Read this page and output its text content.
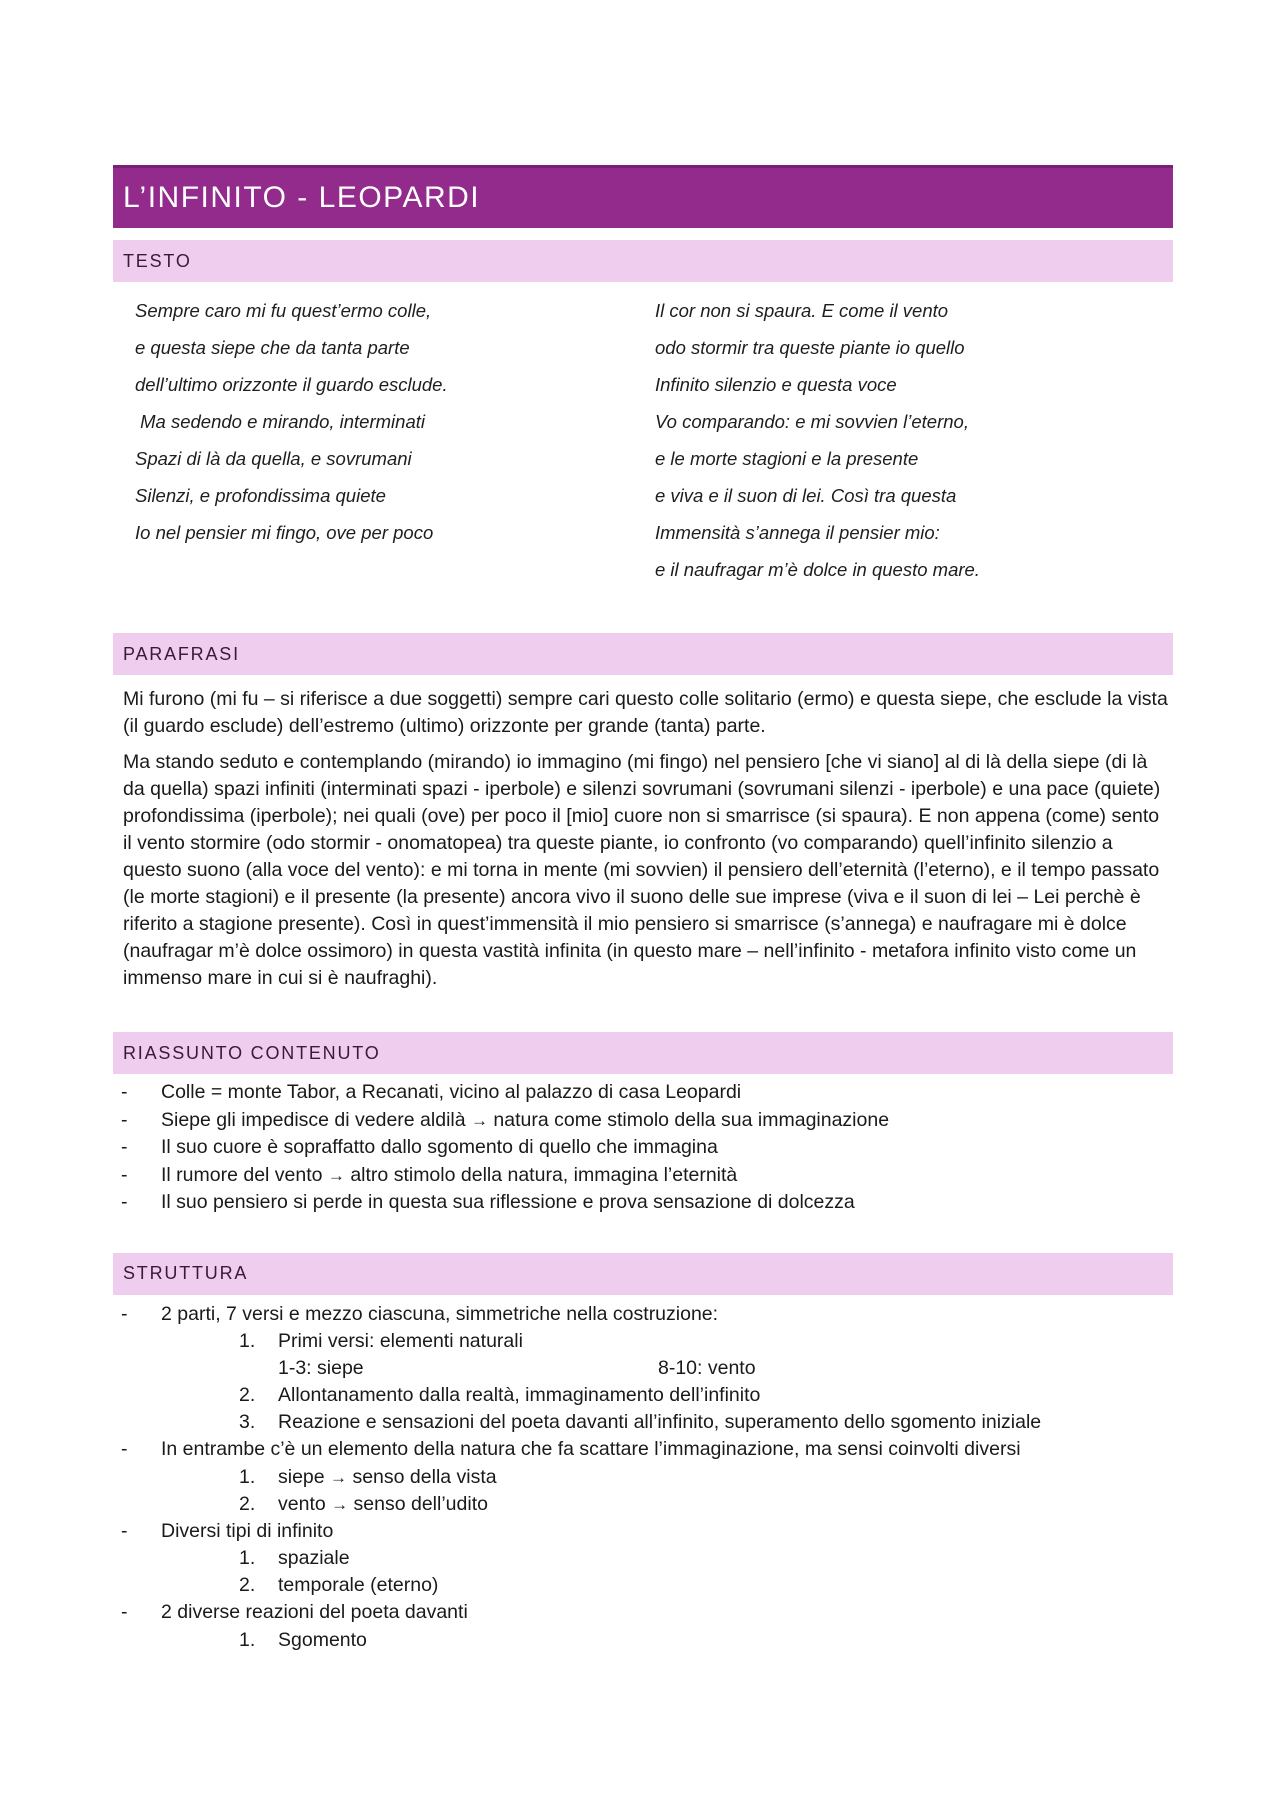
L’INFINITO - LEOPARDI
TESTO
Sempre caro mi fu quest’ermo colle,
e questa siepe che da tanta parte
dell’ultimo orizzonte il guardo esclude.
Ma sedendo e mirando, interminati
Spazi di là da quella, e sovrumani
Silenzi, e profondissima quiete
Io nel pensier mi fingo, ove per poco
Il cor non si spaura. E come il vento
odo stormir tra queste piante io quello
Infinito silenzio e questa voce
Vo comparando: e mi sovvien l’eterno,
e le morte stagioni e la presente
e viva e il suon di lei. Così tra questa
Immensità s’annega il pensier mio:
e il naufragar m’è dolce in questo mare.
PARAFRASI

Mi furono (mi fu – si riferisce a due soggetti) sempre cari questo colle solitario (ermo) e questa siepe, che esclude la vista (il guardo esclude) dell’estremo (ultimo) orizzonte per grande (tanta) parte.

Ma stando seduto e contemplando (mirando) io immagino (mi fingo) nel pensiero [che vi siano] al di là della siepe (di là da quella) spazi infiniti (interminati spazi - iperbole) e silenzi sovrumani (sovrumani silenzi - iperbole) e una pace (quiete) profondissima (iperbole); nei quali (ove) per poco il [mio] cuore non si smarrisce (si spaura). E non appena (come) sento il vento stormire (odo stormir - onomatopea) tra queste piante, io confronto (vo comparando) quell’infinito silenzio a questo suono (alla voce del vento): e mi torna in mente (mi sovvien) il pensiero dell’eternità (l’eterno), e il tempo passato (le morte stagioni) e il presente (la presente) ancora vivo il suono delle sue imprese (viva e il suon di lei – Lei perchè è riferito a stagione presente). Così in quest’immensità il mio pensiero si smarrisce (s’annega) e naufragare mi è dolce (naufragar m’è dolce ossimoro) in questa vastità infinita (in questo mare – nell’infinito - metafora infinito visto come un immenso mare in cui si è naufraghi).

RIASSUNTO CONTENUTO
- Colle = monte Tabor, a Recanati, vicino al palazzo di casa Leopardi
- Siepe gli impedisce di vedere aldilà → natura come stimolo della sua immaginazione
- Il suo cuore è sopraffatto dallo sgomento di quello che immagina
- Il rumore del vento → altro stimolo della natura, immagina l’eternità
- Il suo pensiero si perde in questa sua riflessione e prova sensazione di dolcezza
STRUTTURA
- 2 parti, 7 versi e mezzo ciascuna, simmetriche nella costruzione:
1. Primi versi: elementi naturali
1-3: siepe	8-10: vento
2. Allontanamento dalla realtà, immaginamento dell’infinito
3. Reazione e sensazioni del poeta davanti all’infinito, superamento dello sgomento iniziale
- In entrambe c’è un elemento della natura che fa scattare l’immaginazione, ma sensi coinvolti diversi
1. siepe → senso della vista
2. vento → senso dell’udito
- Diversi tipi di infinito
1. spaziale
2. temporale (eterno)
- 2 diverse reazioni del poeta davanti
1. Sgomento
